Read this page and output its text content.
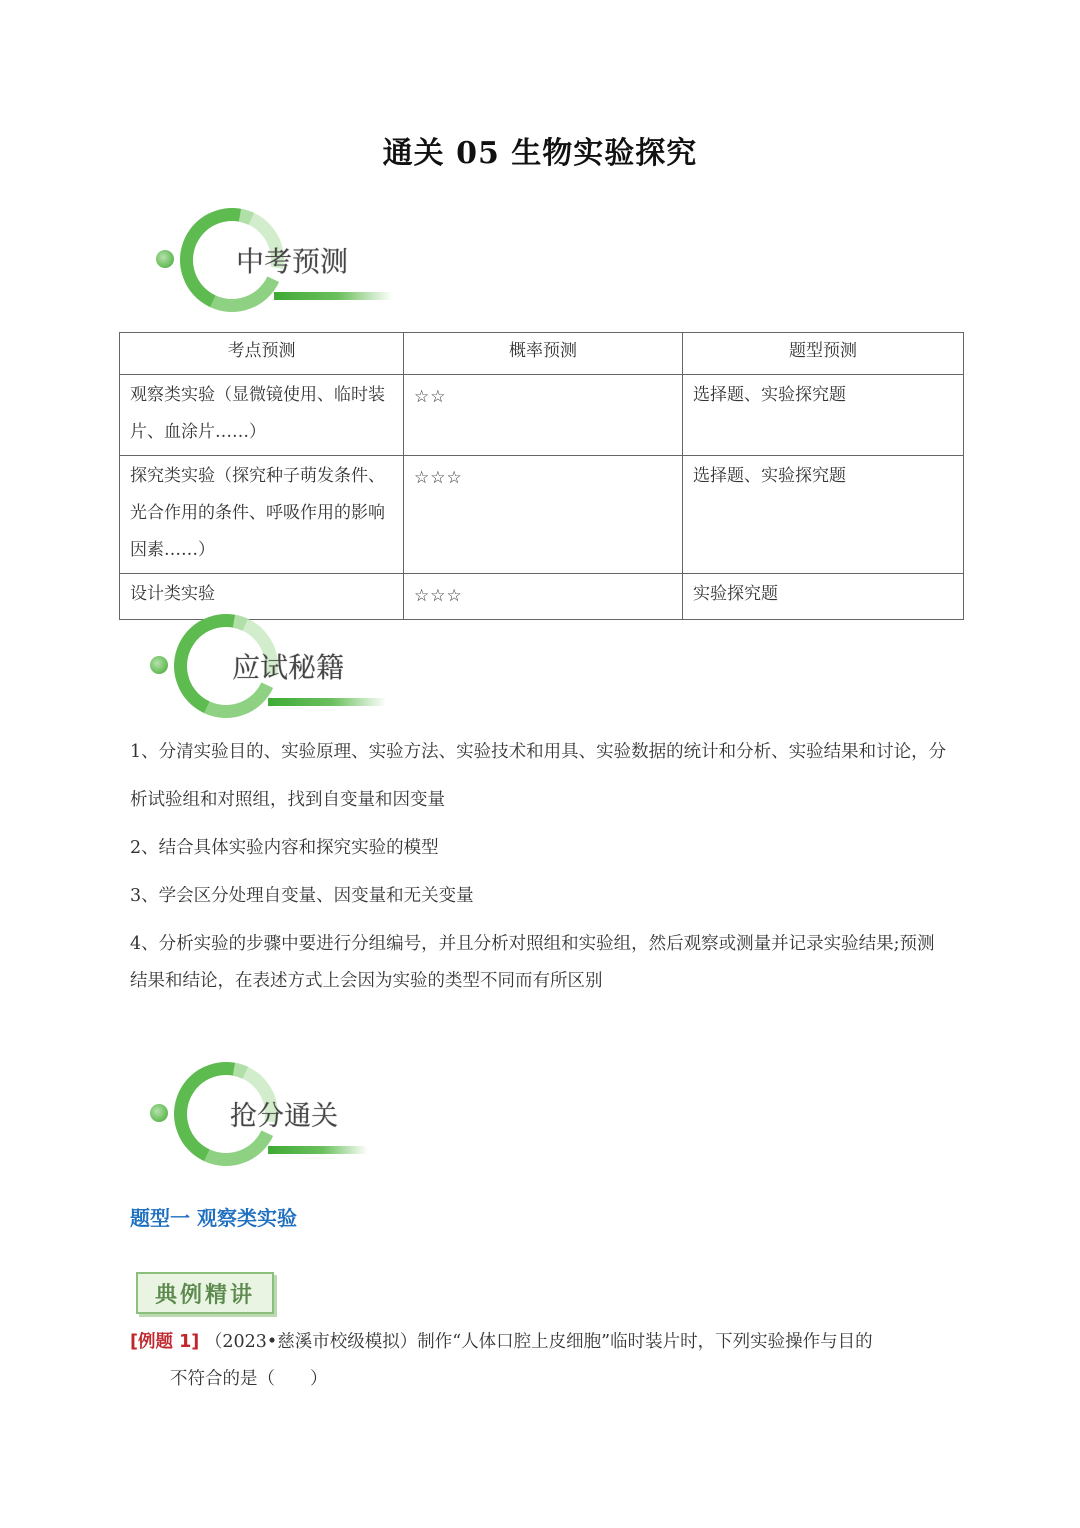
通关 05 生物实验探究
中考预测
考点预测	概率预测	题型预测
观察类实验（显微镜使用、临时装片、血涂片……）	☆☆	选择题、实验探究题
探究类实验（探究种子萌发条件、光合作用的条件、呼吸作用的影响因素……）	☆☆☆	选择题、实验探究题
设计类实验	☆☆☆	实验探究题
应试秘籍

1、分清实验目的、实验原理、实验方法、实验技术和用具、实验数据的统计和分析、实验结果和讨论，分

析试验组和对照组，找到自变量和因变量

2、结合具体实验内容和探究实验的模型

3、学会区分处理自变量、因变量和无关变量

4、分析实验的步骤中要进行分组编号，并且分析对照组和实验组，然后观察或测量并记录实验结果;预测结果和结论，在表述方式上会因为实验的类型不同而有所区别

抢分通关
题型一 观察类实验
典例精讲
[例题 1] （2023•慈溪市校级模拟）制作“人体口腔上皮细胞”临时装片时，下列实验操作与目的
不符合的是（　　）
